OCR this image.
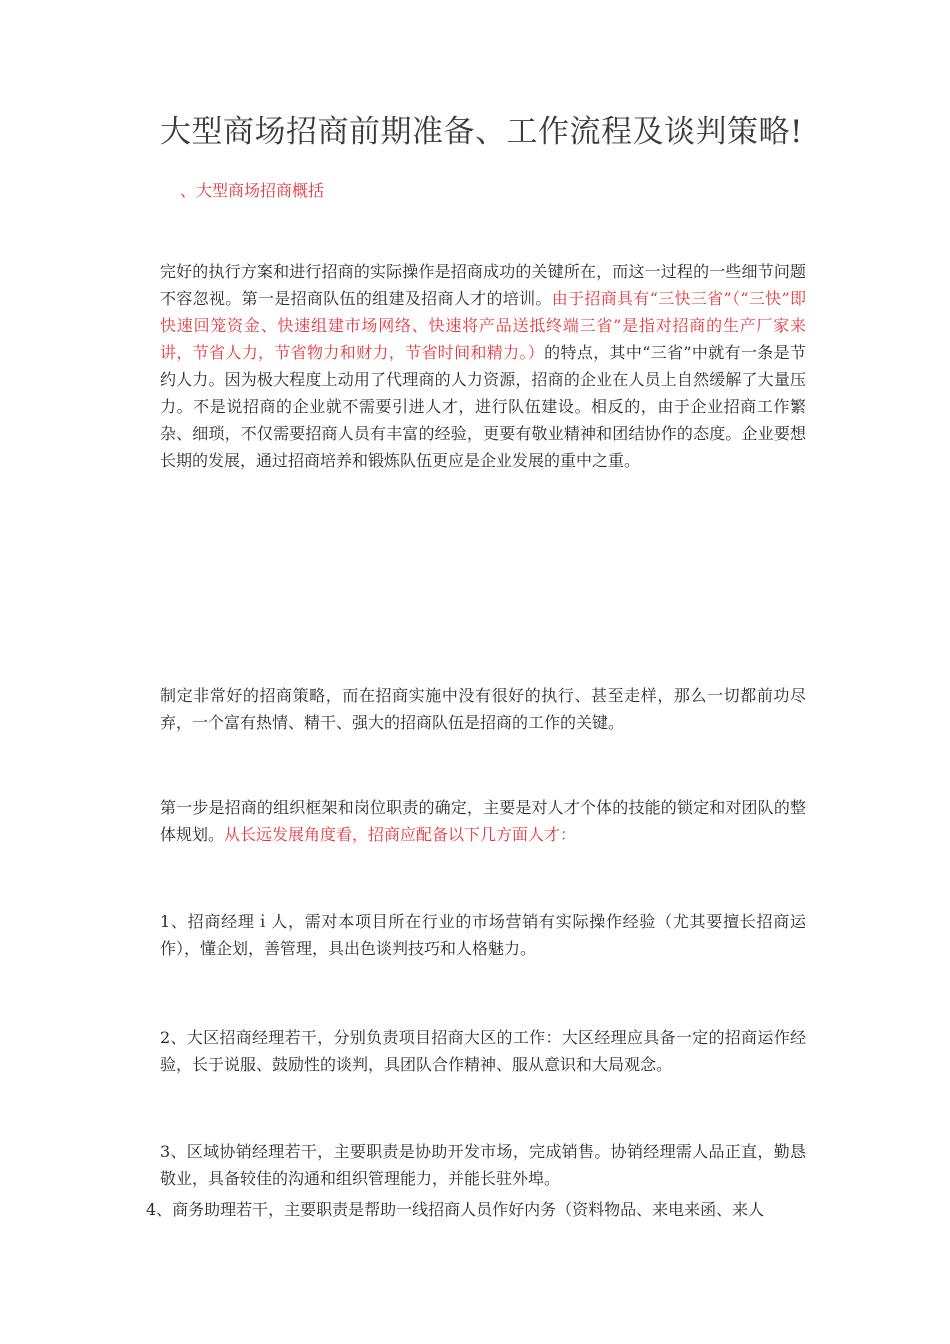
大型商场招商前期准备、工作流程及谈判策略!
、大型商场招商概括
完好的执行方案和进行招商的实际操作是招商成功的关键所在，而这一过程的一些细节问题不容忽视。第一是招商队伍的组建及招商人才的培训。由于招商具有“三快三省”（“三快”即快速回笼资金、快速组建市场网络、快速将产品送抵终端三省”是指对招商的生产厂家来讲，节省人力，节省物力和财力，节省时间和精力。）的特点，其中“三省”中就有一条是节约人力。因为极大程度上动用了代理商的人力资源，招商的企业在人员上自然缓解了大量压力。不是说招商的企业就不需要引进人才，进行队伍建设。相反的，由于企业招商工作繁杂、细琐，不仅需要招商人员有丰富的经验，更要有敬业精神和团结协作的态度。企业要想长期的发展，通过招商培养和锻炼队伍更应是企业发展的重中之重。
制定非常好的招商策略，而在招商实施中没有很好的执行、甚至走样，那么一切都前功尽弃，一个富有热情、精干、强大的招商队伍是招商的工作的关键。
第一步是招商的组织框架和岗位职责的确定，主要是对人才个体的技能的锁定和对团队的整体规划。从长远发展角度看，招商应配备以下几方面人才：
1、招商经理ｉ人，需对本项目所在行业的市场营销有实际操作经验（尤其要擅长招商运作），懂企划，善管理，具出色谈判技巧和人格魅力。
2、大区招商经理若干，分别负责项目招商大区的工作：大区经理应具备一定的招商运作经验，长于说服、鼓励性的谈判，具团队合作精神、服从意识和大局观念。
3、区域协销经理若干，主要职责是协助开发市场，完成销售。协销经理需人品正直，勤恳敬业，具备较佳的沟通和组织管理能力，并能长驻外埠。
4、商务助理若干，主要职责是帮助一线招商人员作好内务（资料物品、来电来函、来人
